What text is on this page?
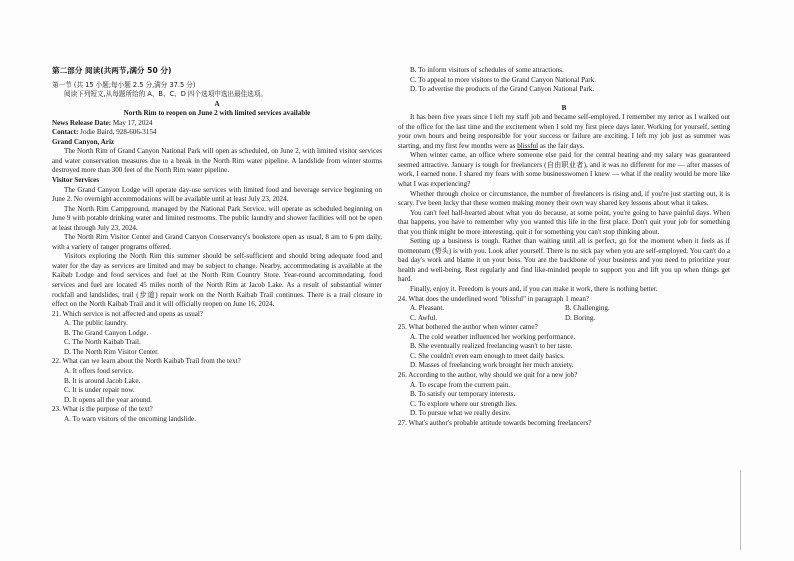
第二部分 阅读(共两节,满分 50 分)

第一节 (共 15 小题;每小题 2.5 分,满分 37.5 分)

阅读下列短文,从每题所给的 A、B、C、D 四个选项中选出最佳选项。

A

North Rim to reopen on June 2 with limited services available

News Release Date: May 17, 2024

Contact: Jodie Baird, 928-606-3154

Grand Canyon, Ariz

The North Rim of Grand Canyon National Park will open as scheduled, on June 2, with limited visitor services and water conservation measures due to a break in the North Rim water pipeline. A landslide from winter storms destroyed more than 300 feet of the North Rim water pipeline.

Visitor Services

The Grand Canyon Lodge will operate day-use services with limited food and beverage service beginning on June 2. No overnight accommodations will be available until at least July 23, 2024.

The North Rim Campground, managed by the National Park Service, will operate as scheduled beginning on June 9 with potable drinking water and limited restrooms. The public laundry and shower facilities will not be open at least through July 23, 2024.

The North Rim Visitor Center and Grand Canyon Conservancy's bookstore open as usual, 8 am to 6 pm daily, with a variety of ranger programs offered.

Visitors exploring the North Rim this summer should be self-sufficient and should bring adequate food and water for the day as services are limited and may be subject to change. Nearby, accommodating is available at the Kaibab Lodge and food services and fuel at the North Rim Country Store. Year-round accommodating, food services and fuel are located 45 miles north of the North Rim at Jacob Lake. As a result of substantial winter rockfall and landslides, trail (步道) repair work on the North Kaibab Trail continues. There is a trail closure in effect on the North Kaibab Trail and it will officially reopen on June 16, 2024.

21. Which service is not affected and opens as usual?

A. The public laundry.

B. The Grand Canyon Lodge.

C. The North Kaibab Trail.

D. The North Rim Visitor Center.

22. What can we learn about the North Kaibab Trail from the text?

A. It offers food service.

B. It is around Jacob Lake.

C. It is under repair now.

D. It opens all the year around.

23. What is the purpose of the text?

A. To warn visitors of the oncoming landslide.

B. To inform visitors of schedules of some attractions.

C. To appeal to more visitors to the Grand Canyon National Park.

D. To advertise the products of the Grand Canyon National Park.

B

It has been five years since I left my staff job and became self-employed. I remember my terror as I walked out of the office for the last time and the excitement when I sold my first piece days later. Working for yourself, setting your own hours and being responsible for your success or failure are exciting. I left my job just as summer was starting, and my first few months were as blissful as the fair days.

When winter came, an office where someone else paid for the central heating and my salary was guaranteed seemed attractive. January is tough for freelancers (自由职业者), and it was no different for me — after masses of work, I earned none. I shared my fears with some businesswomen I knew — what if the reality would be more like what I was experiencing?

Whether through choice or circumstance, the number of freelancers is rising and, if you're just starting out, it is scary. I've been lucky that these women making money their own way shared key lessons about what it takes.

You can't feel half-hearted about what you do because, at some point, you're going to have painful days. When that happens, you have to remember why you wanted this life in the first place. Don't quit your job for something that you think might be more interesting, quit it for something you can't stop thinking about.

Setting up a business is tough. Rather than waiting until all is perfect, go for the moment when it feels as if momentum (势头) is with you. Look after yourself. There is no sick pay when you are self-employed. You can't do a bad day's work and blame it on your boss. You are the backbone of your business and you need to prioritize your health and well-being. Rest regularly and find like-minded people to support you and lift you up when things get hard.

Finally, enjoy it. Freedom is yours and, if you can make it work, there is nothing better.

24. What does the underlined word "blissful" in paragraph 1 mean?

A. Pleasant.	B. Challenging.
C. Awful.	D. Boring.

25. What bothered the author when winter came?

A. The cold weather influenced her working performance.

B. She eventually realized freelancing wasn't to her taste.

C. She couldn't even earn enough to meet daily basics.

D. Masses of freelancing work brought her much anxiety.

26. According to the author, why should we quit for a new job?

A. To escape from the current pain.

B. To satisfy our temporary interests.

C. To explore where our strength lies.

D. To pursue what we really desire.

27. What's author's probable attitude towards becoming freelancers?
